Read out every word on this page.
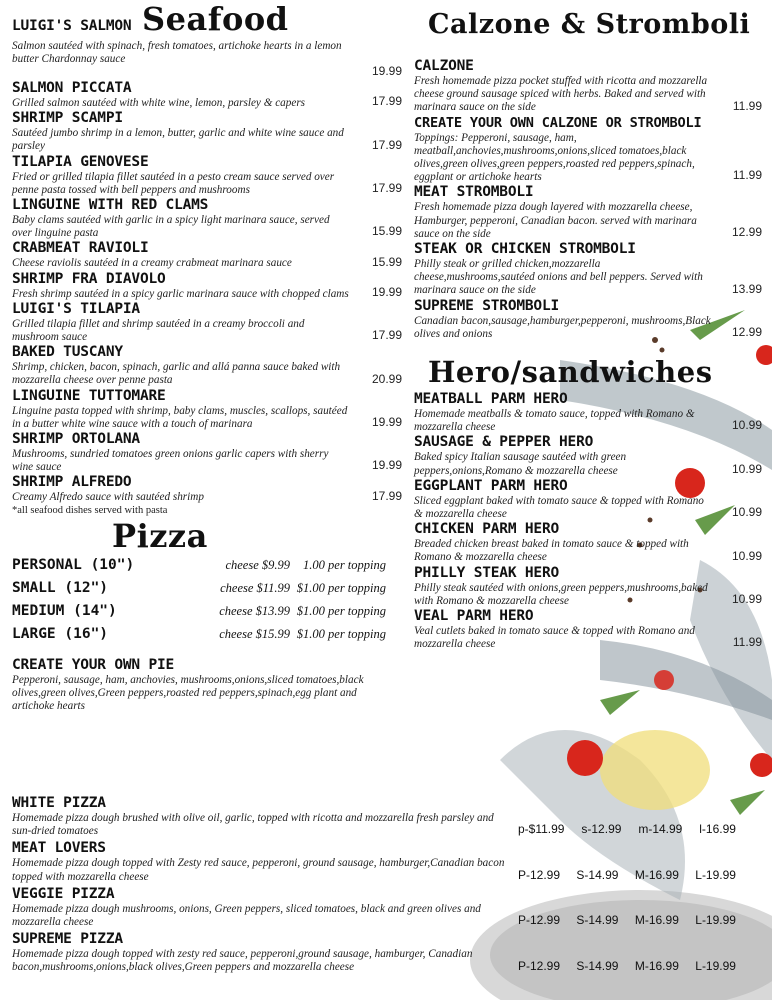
LUIGI'S SALMON Seafood
Salmon sautéed with spinach, fresh tomatoes, artichoke hearts in a lemon butter Chardonnay sauce
19.99
SALMON PICCATA
Grilled salmon sautéed with white wine, lemon, parsley & capers	17.99
SHRIMP SCAMPI
Sautéed jumbo shrimp in a lemon, butter, garlic and white wine sauce and parsley	17.99
TILAPIA GENOVESE
Fried or grilled tilapia fillet sautéed in a pesto cream sauce served over penne pasta tossed with bell peppers and mushrooms	17.99
LINGUINE WITH RED CLAMS
Baby clams sautéed with garlic in a spicy light marinara sauce, served over linguine pasta	15.99
CRABMEAT RAVIOLI
Cheese raviolis sautéed in a creamy crabmeat marinara sauce	15.99
SHRIMP FRA DIAVOLO
Fresh shrimp sautéed in a spicy garlic marinara sauce with chopped clams 19.99
LUIGI'S TILAPIA
Grilled tilapia fillet and shrimp sautéed in a creamy broccoli and mushroom sauce	17.99
BAKED TUSCANY
Shrimp, chicken, bacon, spinach, garlic and allá panna sauce baked with mozzarella cheese over penne pasta	20.99
LINGUINE TUTTOMARE
Linguine pasta topped with shrimp, baby clams, muscles, scallops, sautéed in a butter white wine sauce with a touch of marinara	19.99
SHRIMP ORTOLANA
Mushrooms, sundried tomatoes green onions garlic capers with sherry wine sauce	19.99
SHRIMP ALFREDO
Creamy Alfredo sauce with sautéed shrimp	17.99
*all seafood dishes served with pasta
Pizza
PERSONAL (10")	cheese $9.99	1.00 per topping
SMALL (12")	cheese $11.99 $1.00 per topping
MEDIUM (14")	cheese $13.99 $1.00 per topping
LARGE (16")	cheese $15.99 $1.00 per topping
CREATE YOUR OWN PIE
Pepperoni, sausage, ham, anchovies, mushrooms,onions,sliced tomatoes,black olives,green olives,Green peppers,roasted red peppers,spinach,egg plant and artichoke hearts
WHITE PIZZA
Homemade pizza dough brushed with olive oil, garlic, topped with ricotta and mozzarella fresh parsley and sun-dried tomatoes	p-$11.99 s-12.99 m-14.99 l-16.99
MEAT LOVERS
Homemade pizza dough topped with Zesty red sauce, pepperoni, ground sausage, hamburger,Canadian bacon topped with mozzarella cheese	P-12.99 S-14.99 M-16.99 L-19.99
VEGGIE PIZZA
Homemade pizza dough mushrooms, onions, Green peppers, sliced tomatoes, black and green olives and mozzarella cheese	P-12.99 S-14.99 M-16.99 L-19.99
SUPREME PIZZA
Homemade pizza dough topped with zesty red sauce, pepperoni,ground sausage, hamburger, Canadian bacon,mushrooms,onions,black olives,Green peppers and mozzarella cheese	P-12.99 S-14.99 M-16.99 L-19.99
Calzone & Stromboli
CALZONE
Fresh homemade pizza pocket stuffed with ricotta and mozzarella cheese ground sausage spiced with herbs. Baked and served with marinara sauce on the side	11.99
CREATE YOUR OWN CALZONE OR STROMBOLI
Toppings: Pepperoni, sausage, ham, meatball,anchovies,mushrooms,onions,sliced tomatoes,black olives,green olives,green peppers,roasted red peppers,spinach, eggplant or artichoke hearts	11.99
MEAT STROMBOLI
Fresh homemade pizza dough layered with mozzarella cheese, Hamburger, pepperoni, Canadian bacon. served with marinara sauce on the side	12.99
STEAK OR CHICKEN STROMBOLI
Philly steak or grilled chicken,mozzarella cheese,mushrooms,sautéed onions and bell peppers. Served with marinara sauce on the side	13.99
SUPREME STROMBOLI
Canadian bacon,sausage,hamburger,pepperoni, mushrooms,Black olives and onions	12.99
Hero/sandwiches
MEATBALL PARM HERO
Homemade meatballs & tomato sauce, topped with Romano & mozzarella cheese	10.99
SAUSAGE & PEPPER HERO
Baked spicy Italian sausage sautéed with green peppers,onions,Romano & mozzarella cheese	10.99
EGGPLANT PARM HERO
Sliced eggplant baked with tomato sauce & topped with Romano & mozzarella cheese	10.99
CHICKEN PARM HERO
Breaded chicken breast baked in tomato sauce & topped with Romano & mozzarella cheese	10.99
PHILLY STEAK HERO
Philly steak sautéed with onions,green peppers,mushrooms,baked with Romano & mozzarella cheese	10.99
VEAL PARM HERO
Veal cutlets baked in tomato sauce & topped with Romano and mozzarella cheese	11.99
